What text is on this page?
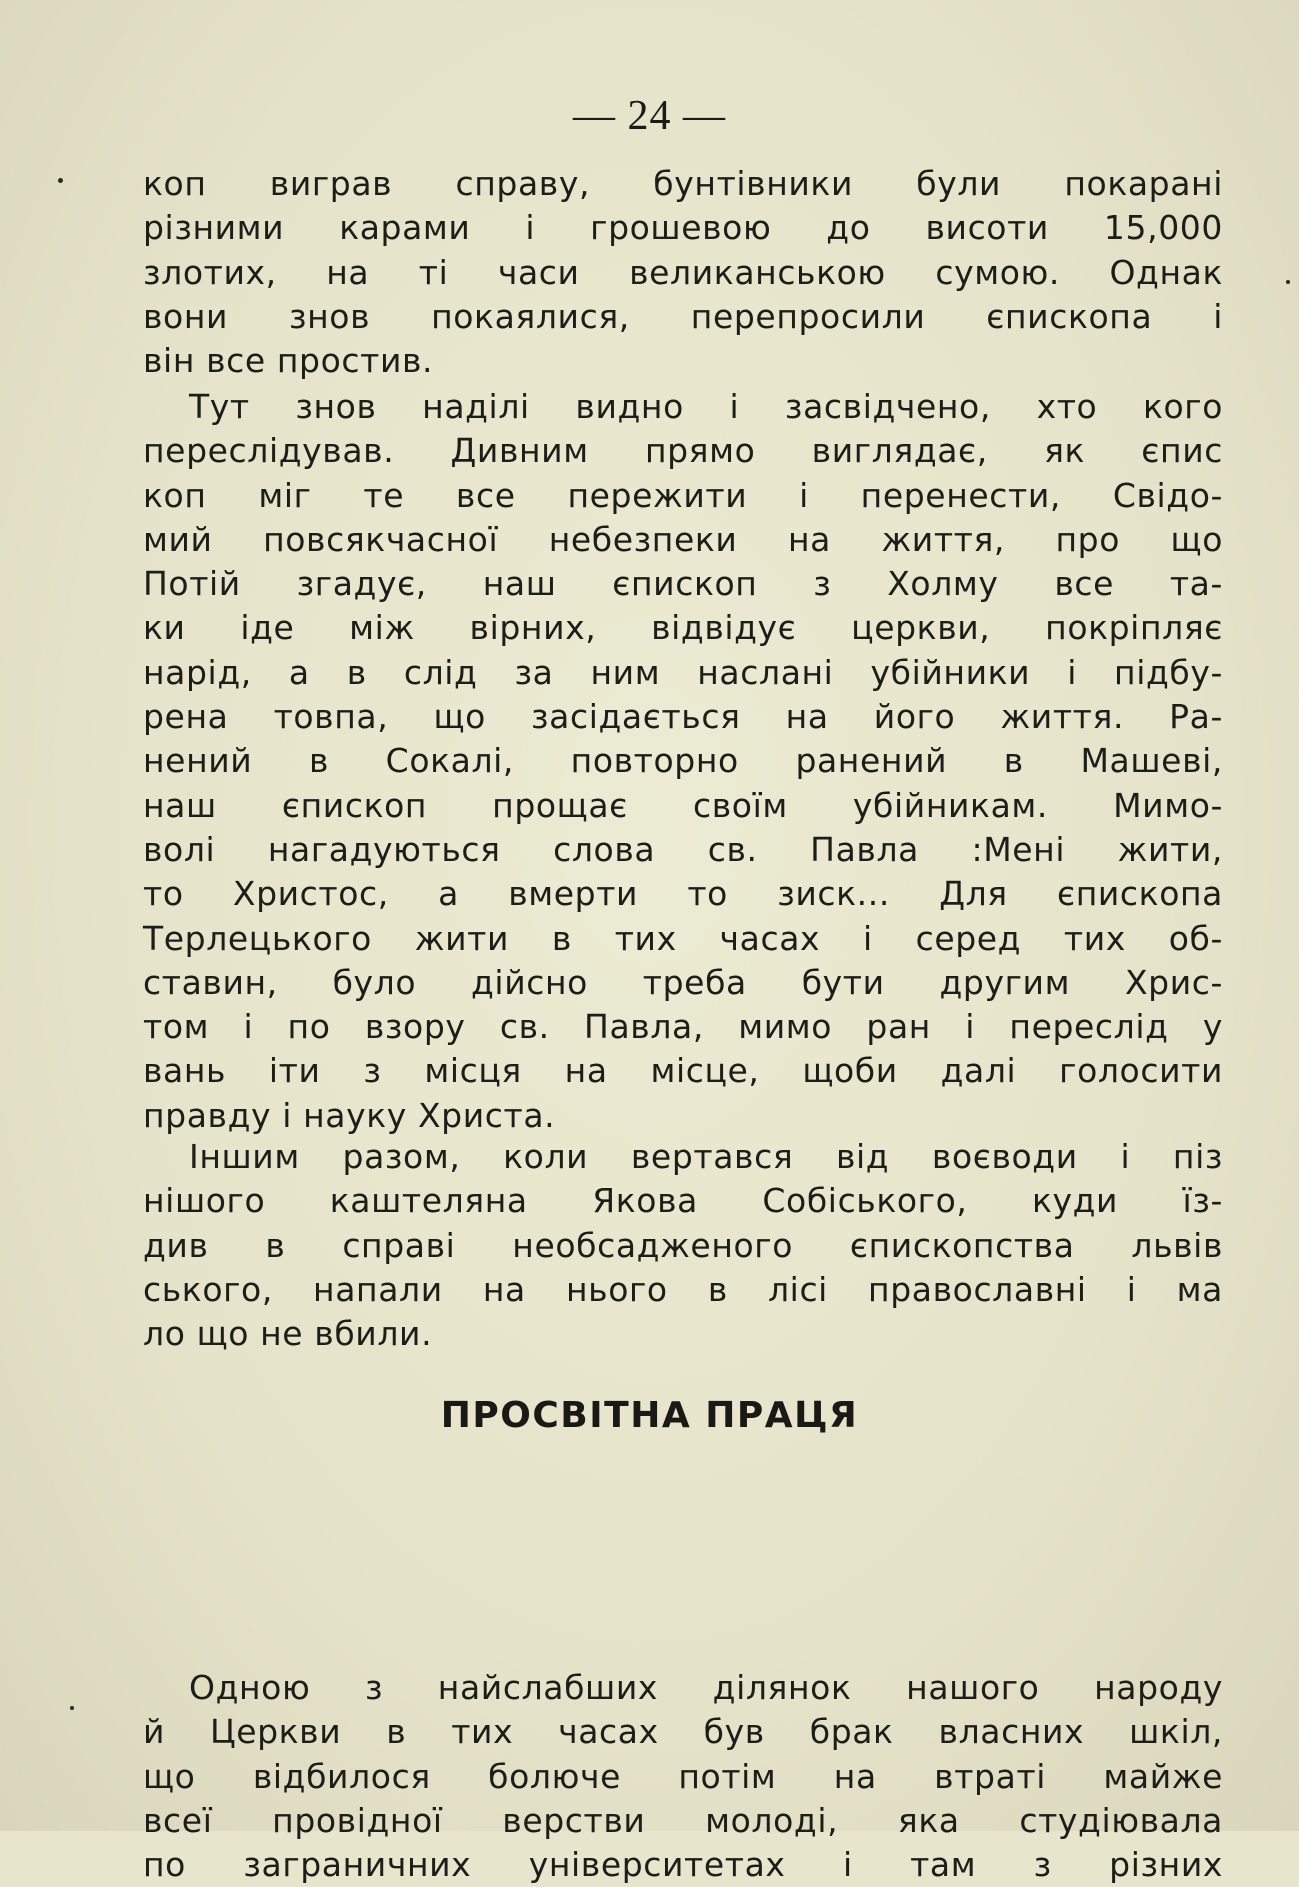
— 24 —
коп виграв справу, бунтівники були покарані
різними карами і грошевою до висоти 15,000
злотих, на ті часи великанською сумою. Однак
вони знов покаялися, перепросили єпископа і
він все простив.
Тут знов наділі видно і засвідчено, хто кого
переслідував. Дивним прямо виглядає, як єпис
коп міг те все пережити і перенести, Свідо-
мий повсякчасної небезпеки на життя, про що
Потій згадує, наш єпископ з Холму все та-
ки іде між вірних, відвідує церкви, покріпляє
нарід, а в слід за ним наслані убійники і підбу-
рена товпа, що засідається на його життя. Ра-
нений в Сокалі, повторно ранений в Машеві,
наш єпископ прощає своїм убійникам. Мимо-
волі нагадуються слова св. Павла :Мені жити,
то Христос, а вмерти то зиск... Для єпископа
Терлецького жити в тих часах і серед тих об-
ставин, було дійсно треба бути другим Хрис-
том і по взору св. Павла, мимо ран і переслід у
вань іти з місця на місце, щоби далі голосити
правду і науку Христа.
Іншим разом, коли вертався від воєводи і піз
нішого каштеляна Якова Собіського, куди їз-
див в справі необсадженого єпископства львів
ського, напали на нього в лісі православні і ма
ло що не вбили.
ПРОСВІТНА ПРАЦЯ
Одною з найслабших ділянок нашого народу
й Церкви в тих часах був брак власних шкіл,
що відбилося болюче потім на втраті майже
всеї провідної верстви молоді, яка студіювала
по заграничних університетах і там з різних
